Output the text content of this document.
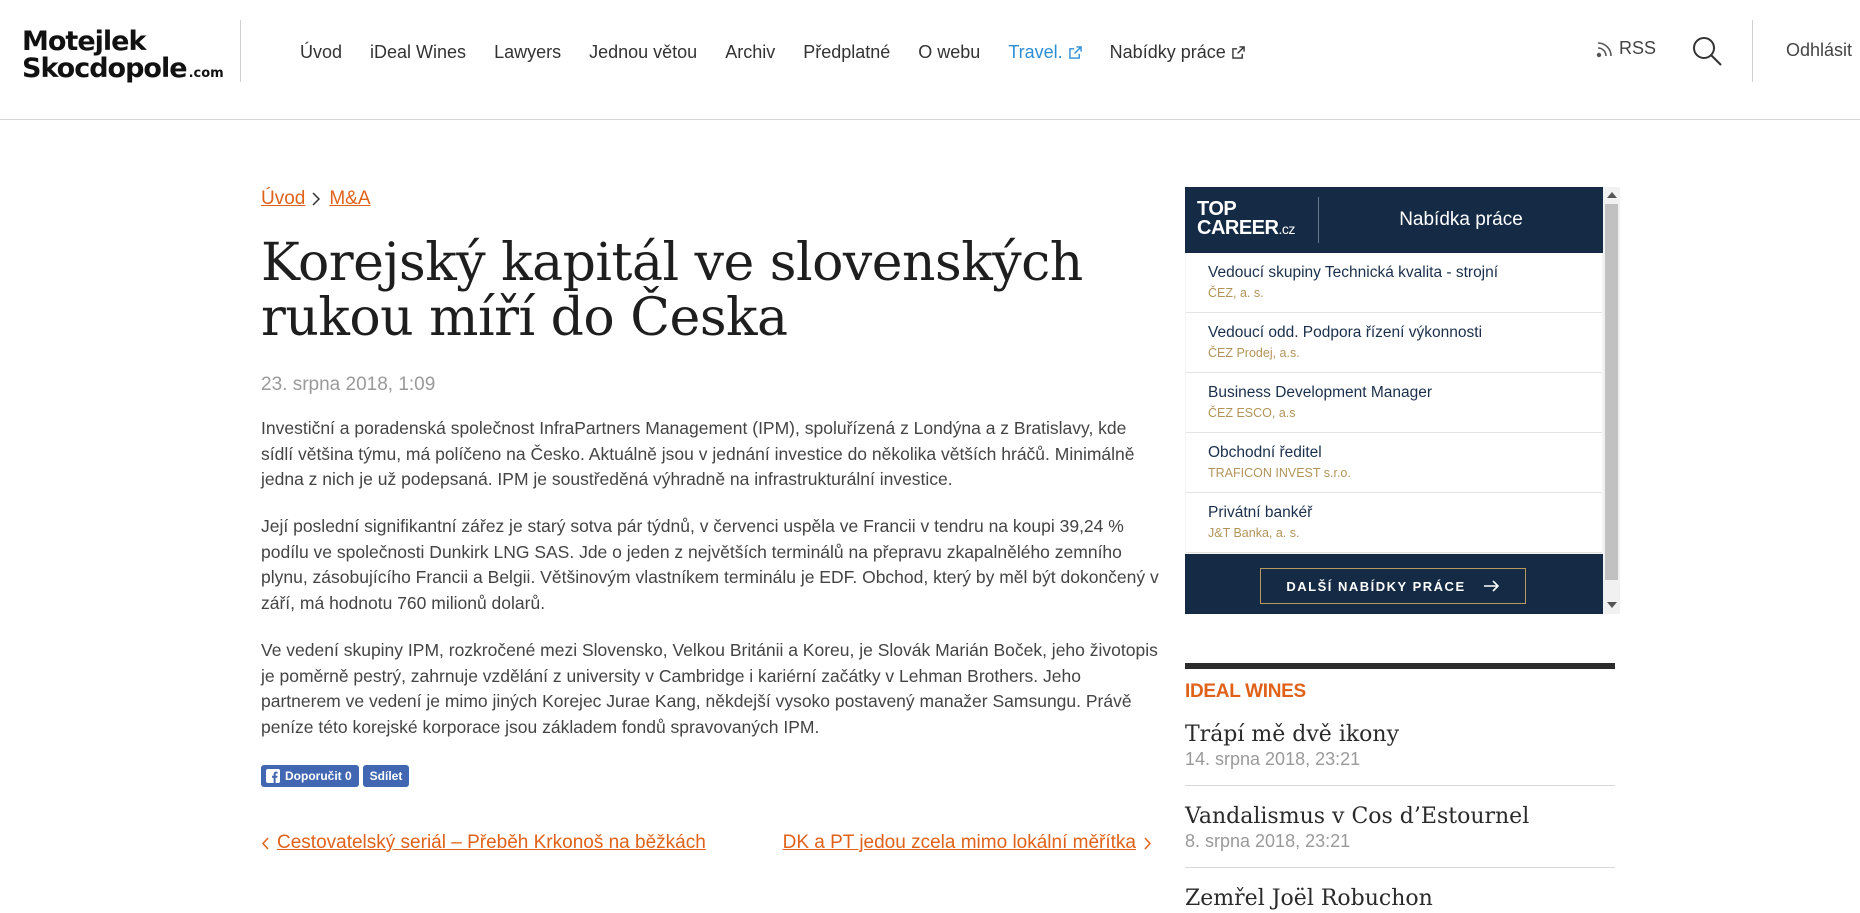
Motejlek
Skocdopole .com
Úvod iDeal Wines Lawyers Jednou větou Archiv Předplatné O webu Travel.	Nabídky práce	RSS	Odhlásit
Úvod M&A
Korejský kapitál ve slovenských rukou míří do Česka
23. srpna 2018, 1:09

Investiční a poradenská společnost InfraPartners Management (IPM), spoluřízená z Londýna a z Bratislavy, kde sídlí většina týmu, má políčeno na Česko. Aktuálně jsou v jednání investice do několika větších hráčů. Minimálně jedna z nich je už podepsaná. IPM je soustředěná výhradně na infrastrukturální investice.

Její poslední signifikantní zářez je starý sotva pár týdnů, v červenci uspěla ve Francii v tendru na koupi 39,24 % podílu ve společnosti Dunkirk LNG SAS. Jde o jeden z největších terminálů na přepravu zkapalnělého zemního plynu, zásobujícího Francii a Belgii. Většinovým vlastníkem terminálu je EDF. Obchod, který by měl být dokončený v září, má hodnotu 760 milionů dolarů.

Ve vedení skupiny IPM, rozkročené mezi Slovensko, Velkou Británii a Koreu, je Slovák Marián Boček, jeho životopis je poměrně pestrý, zahrnuje vzdělání z university v Cambridge i kariérní začátky v Lehman Brothers. Jeho partnerem ve vedení je mimo jiných Korejec Jurae Kang, někdejší vysoko postavený manažer Samsungu. Právě peníze této korejské korporace jsou základem fondů spravovaných IPM.

Doporučit 0	Sdílet
Cestovatelský seriál – Přeběh Krkonoš na běžkách	DK a PT jedou zcela mimo lokální měřítka
TOP
CAREER.cz	Nabídka práce
Vedoucí skupiny Technická kvalita - strojní
ČEZ, a. s.
Vedoucí odd. Podpora řízení výkonnosti
ČEZ Prodej, a.s.
Business Development Manager
ČEZ ESCO, a.s
Obchodní ředitel
TRAFICON INVEST s.r.o.
Privátní bankéř
J&T Banka, a. s.
DALŠÍ NABÍDKY PRÁCE
IDEAL WINES
Trápí mě dvě ikony
14. srpna 2018, 23:21
Vandalismus v Cos d’Estournel
8. srpna 2018, 23:21
Zemřel Joël Robuchon
